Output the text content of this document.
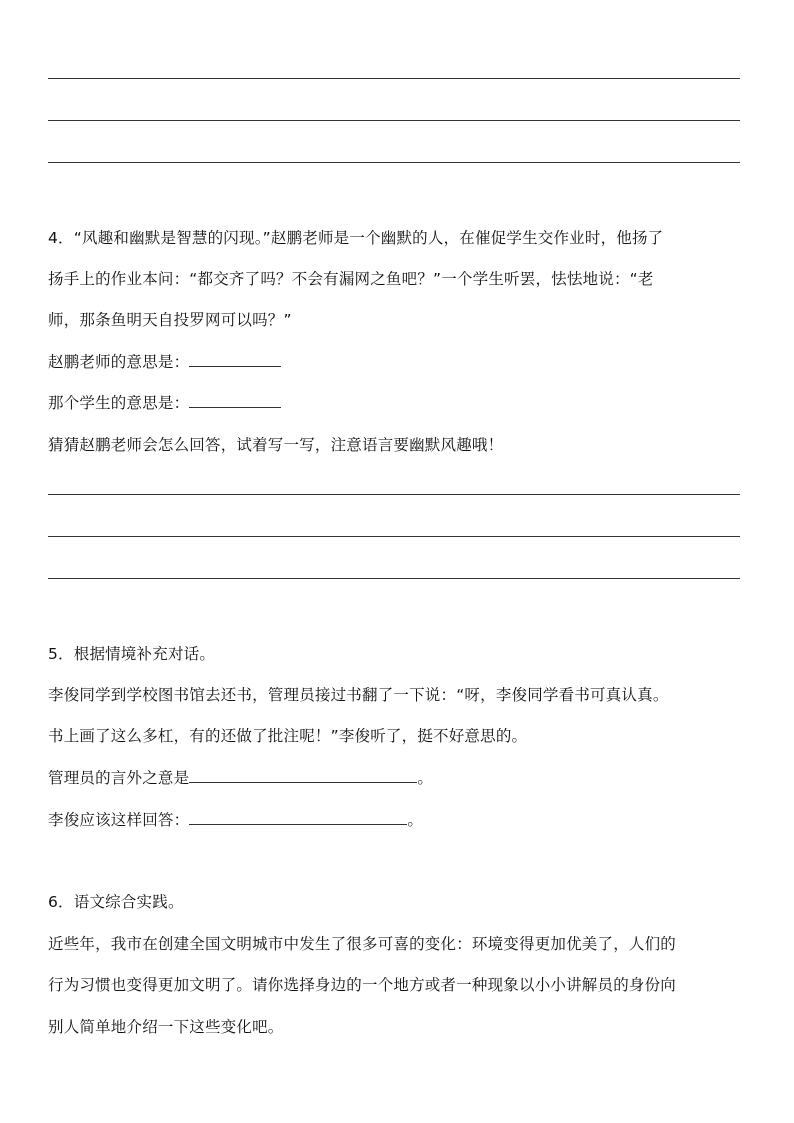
4．“风趣和幽默是智慧的闪现。”赵鹏老师是一个幽默的人，在催促学生交作业时，他扬了
扬手上的作业本问：“都交齐了吗？不会有漏网之鱼吧？”一个学生听罢，怯怯地说：“老
师，那条鱼明天自投罗网可以吗？”
赵鹏老师的意思是：
那个学生的意思是：
猜猜赵鹏老师会怎么回答，试着写一写，注意语言要幽默风趣哦！
5．根据情境补充对话。
李俊同学到学校图书馆去还书，管理员接过书翻了一下说：“呀，李俊同学看书可真认真。
书上画了这么多杠，有的还做了批注呢！”李俊听了，挺不好意思的。
管理员的言外之意是	。
李俊应该这样回答：	。
6．语文综合实践。
近些年，我市在创建全国文明城市中发生了很多可喜的变化：环境变得更加优美了，人们的
行为习惯也变得更加文明了。请你选择身边的一个地方或者一种现象以小小讲解员的身份向
别人简单地介绍一下这些变化吧。
